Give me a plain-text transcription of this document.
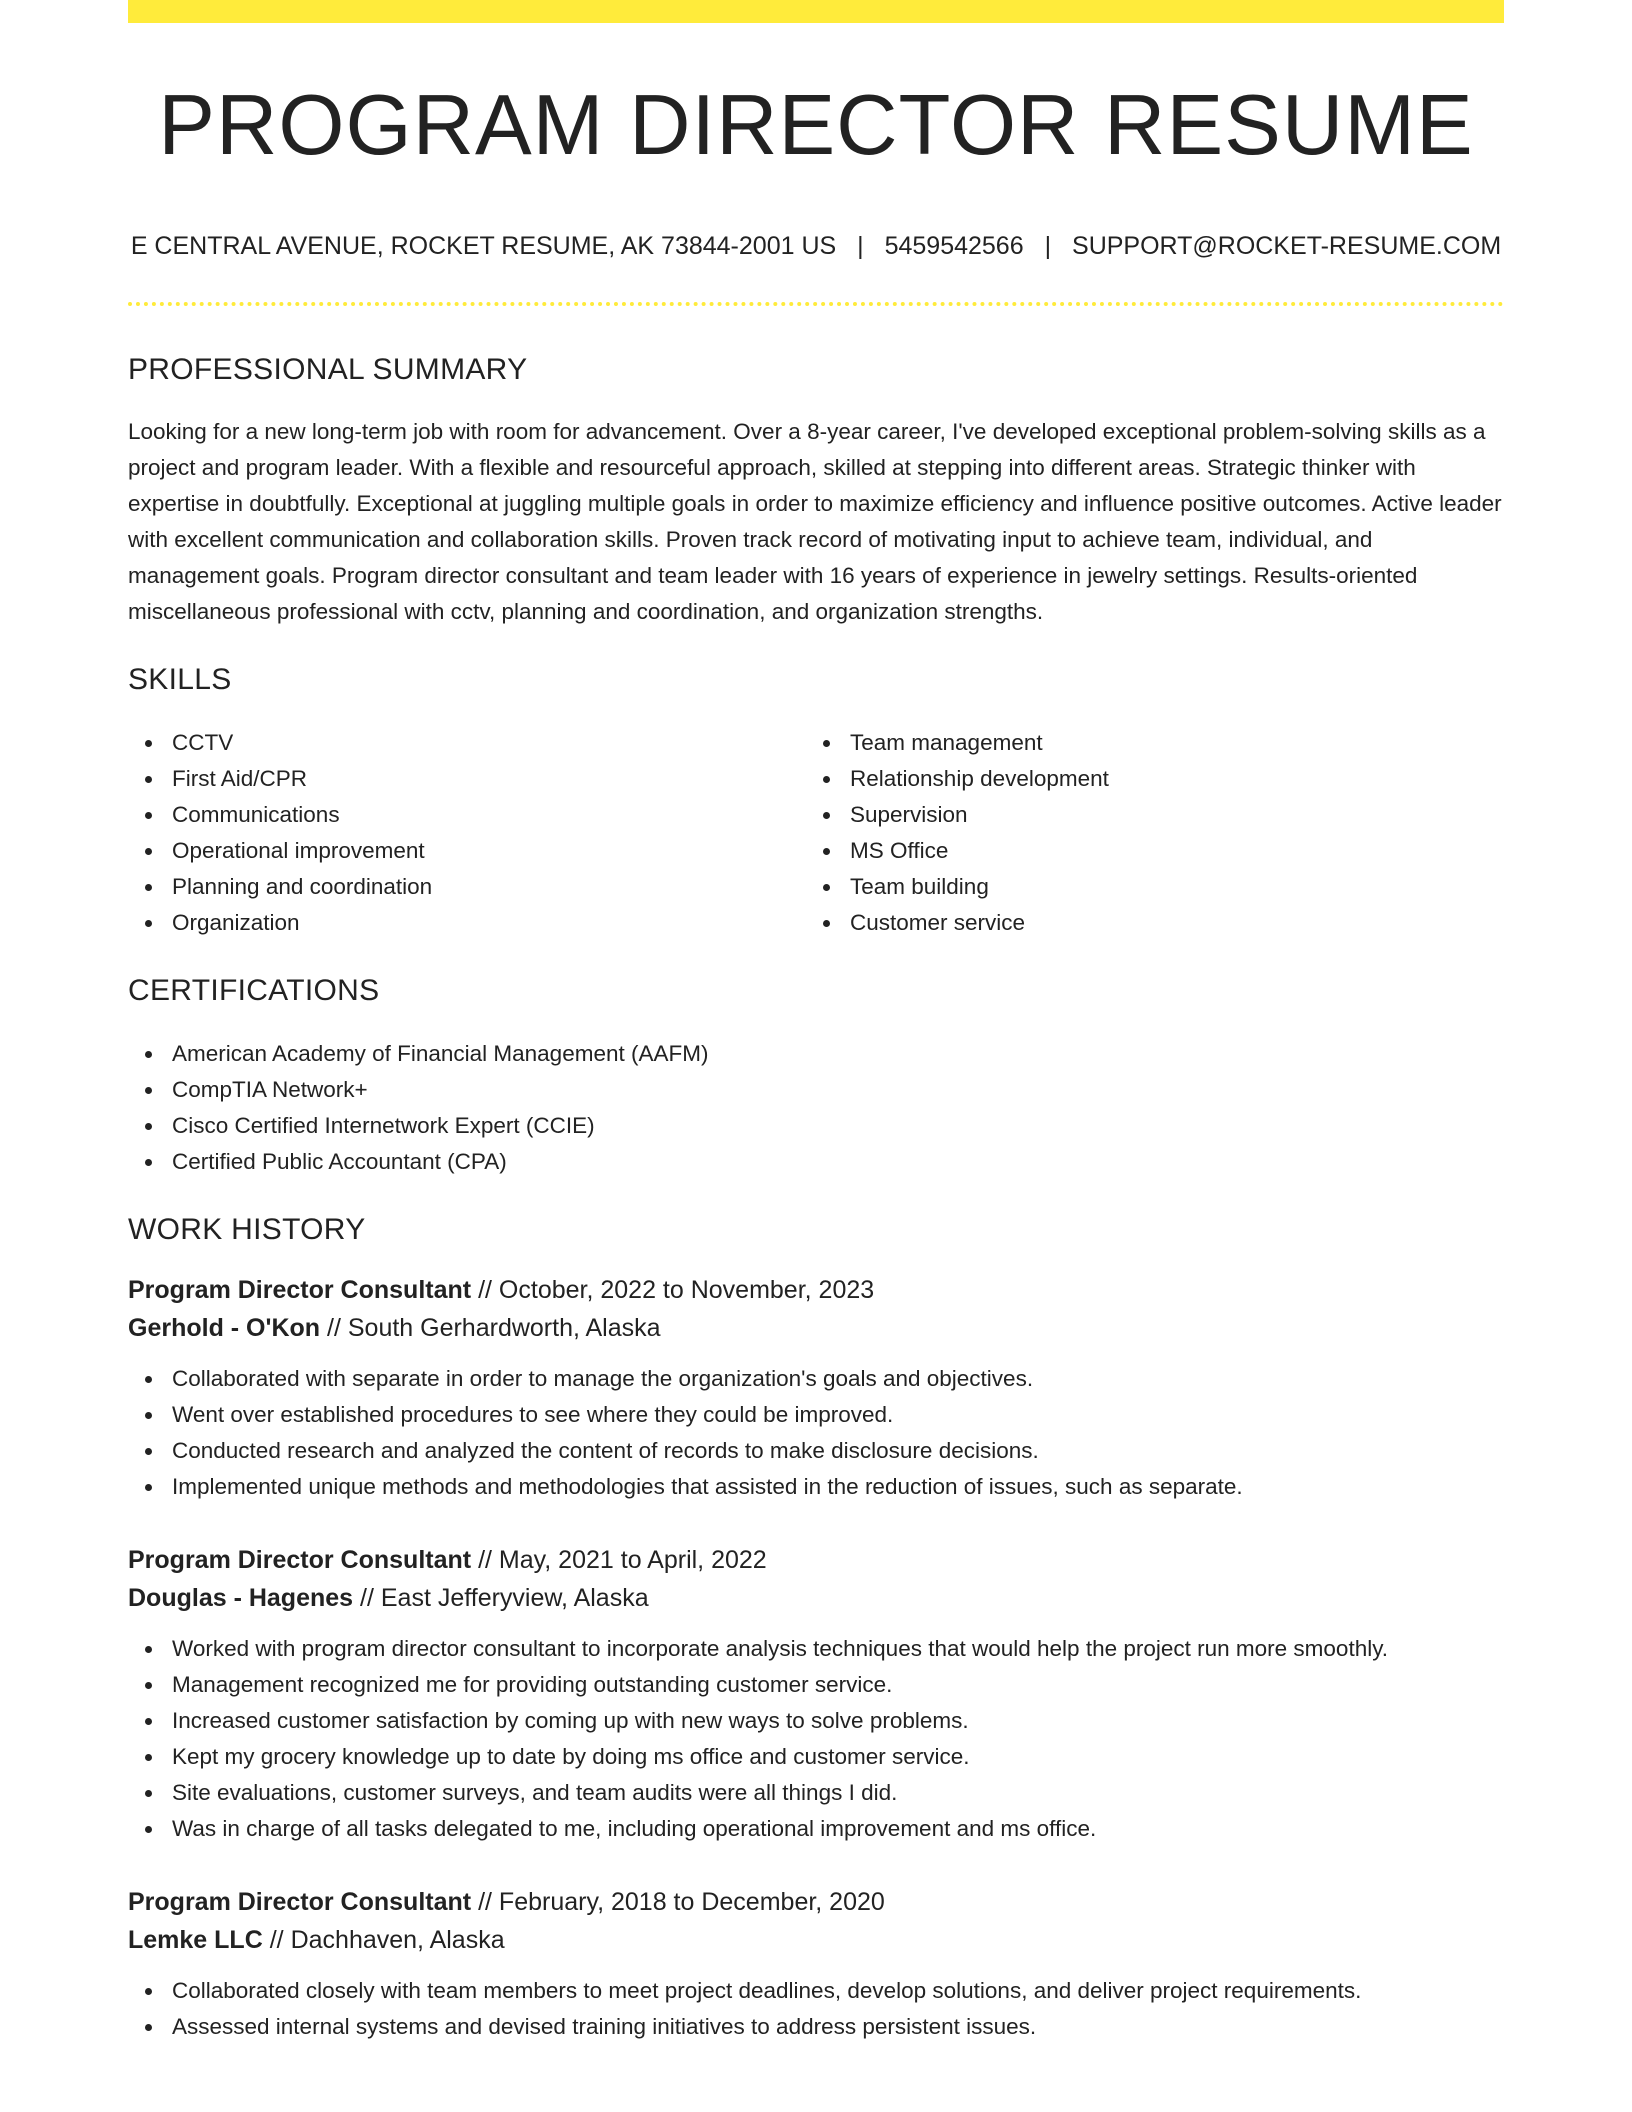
PROGRAM DIRECTOR RESUME
E CENTRAL AVENUE, ROCKET RESUME, AK 73844-2001 US | 5459542566 | SUPPORT@ROCKET-RESUME.COM
PROFESSIONAL SUMMARY

Looking for a new long-term job with room for advancement. Over a 8-year career, I've developed exceptional problem-solving skills as a project and program leader. With a flexible and resourceful approach, skilled at stepping into different areas. Strategic thinker with expertise in doubtfully. Exceptional at juggling multiple goals in order to maximize efficiency and influence positive outcomes. Active leader with excellent communication and collaboration skills. Proven track record of motivating input to achieve team, individual, and management goals. Program director consultant and team leader with 16 years of experience in jewelry settings. Results-oriented miscellaneous professional with cctv, planning and coordination, and organization strengths.

SKILLS
CCTV
First Aid/CPR
Communications
Operational improvement
Planning and coordination
Organization
Team management
Relationship development
Supervision
MS Office
Team building
Customer service
CERTIFICATIONS
American Academy of Financial Management (AAFM)
CompTIA Network+
Cisco Certified Internetwork Expert (CCIE)
Certified Public Accountant (CPA)
WORK HISTORY
Program Director Consultant // October, 2022 to November, 2023
Gerhold - O'Kon // South Gerhardworth, Alaska
Collaborated with separate in order to manage the organization's goals and objectives.
Went over established procedures to see where they could be improved.
Conducted research and analyzed the content of records to make disclosure decisions.
Implemented unique methods and methodologies that assisted in the reduction of issues, such as separate.
Program Director Consultant // May, 2021 to April, 2022
Douglas - Hagenes // East Jefferyview, Alaska
Worked with program director consultant to incorporate analysis techniques that would help the project run more smoothly.
Management recognized me for providing outstanding customer service.
Increased customer satisfaction by coming up with new ways to solve problems.
Kept my grocery knowledge up to date by doing ms office and customer service.
Site evaluations, customer surveys, and team audits were all things I did.
Was in charge of all tasks delegated to me, including operational improvement and ms office.
Program Director Consultant // February, 2018 to December, 2020
Lemke LLC // Dachhaven, Alaska
Collaborated closely with team members to meet project deadlines, develop solutions, and deliver project requirements.
Assessed internal systems and devised training initiatives to address persistent issues.
